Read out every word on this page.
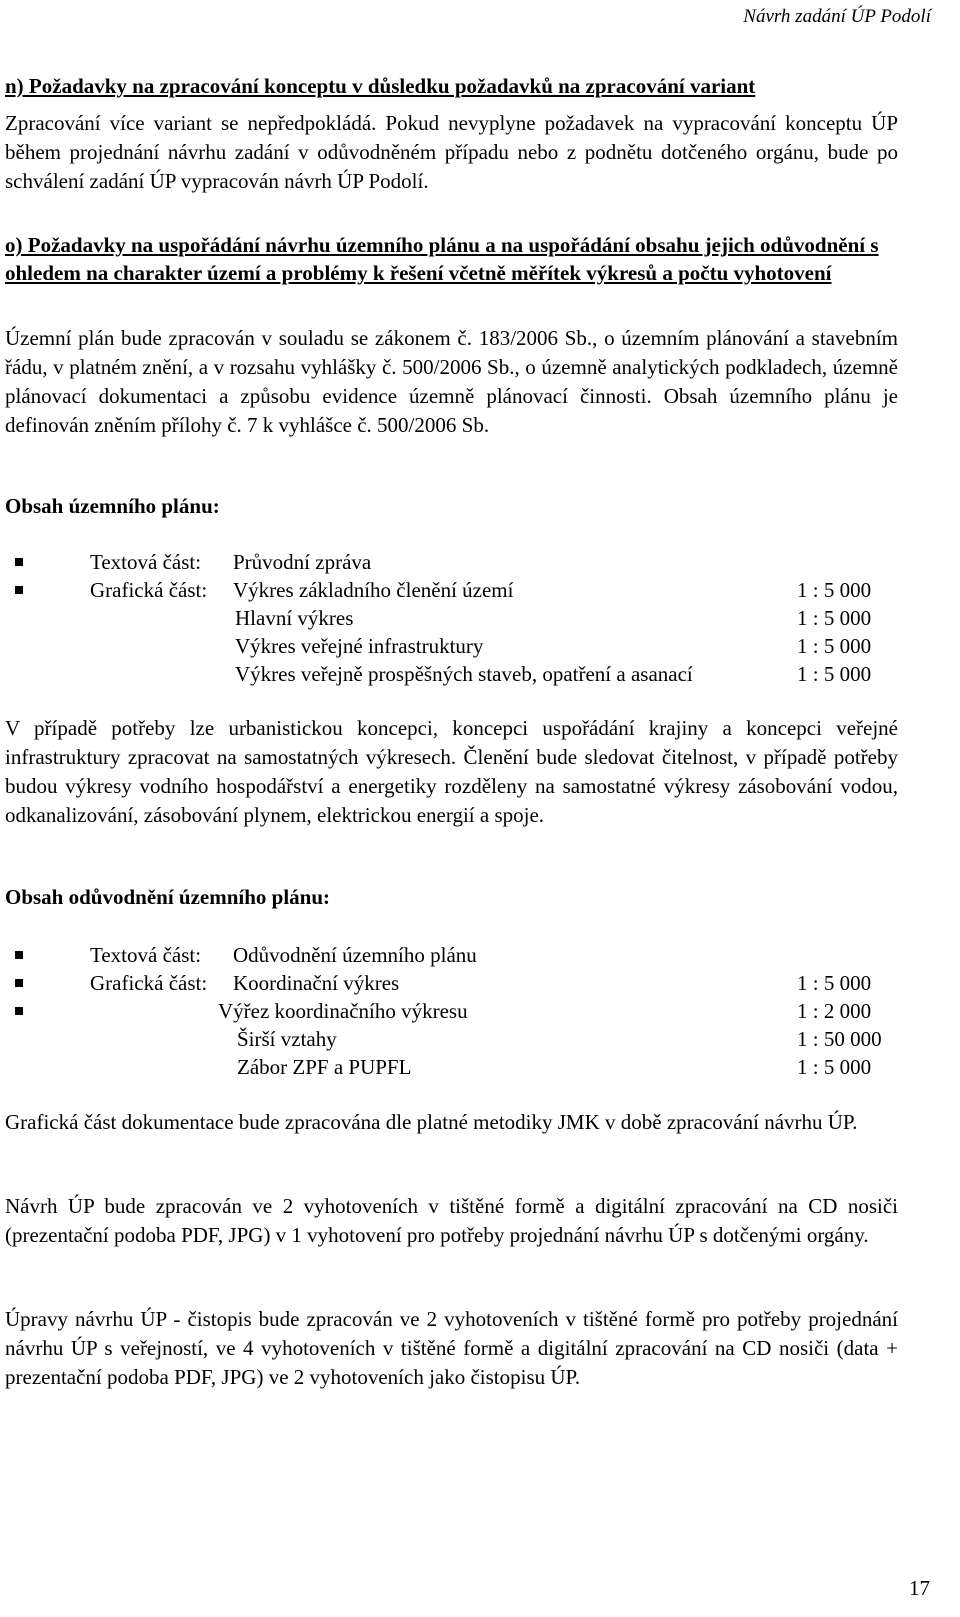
Návrh zadání ÚP Podolí
n) Požadavky na zpracování konceptu v důsledku požadavků na zpracování variant

Zpracování více variant se nepředpokládá. Pokud nevyplyne požadavek na vypracování konceptu ÚP během projednání návrhu zadání v odůvodněném případu nebo z podnětu dotčeného orgánu, bude po schválení zadání ÚP vypracován návrh ÚP Podolí.

o) Požadavky na uspořádání návrhu územního plánu a na uspořádání obsahu jejich odůvodnění s ohledem na charakter území a problémy k řešení včetně měřítek výkresů a počtu vyhotovení

Územní plán bude zpracován v souladu se zákonem č. 183/2006 Sb., o územním plánování a stavebním řádu, v platném znění, a v rozsahu vyhlášky č. 500/2006 Sb., o územně analytických podkladech, územně plánovací dokumentaci a způsobu evidence územně plánovací činnosti. Obsah územního plánu je definován zněním přílohy č. 7 k vyhlášce č. 500/2006 Sb.

Obsah územního plánu:
Textová část: Průvodní zpráva
Grafická část: Výkres základního členění území	1 : 5 000
Hlavní výkres	1 : 5 000
Výkres veřejné infrastruktury	1 : 5 000
Výkres veřejně prospěšných staveb, opatření a asanací	1 : 5 000

V případě potřeby lze urbanistickou koncepci, koncepci uspořádání krajiny a koncepci veřejné infrastruktury zpracovat na samostatných výkresech. Členění bude sledovat čitelnost, v případě potřeby budou výkresy vodního hospodářství a energetiky rozděleny na samostatné výkresy zásobování vodou, odkanalizování, zásobování plynem, elektrickou energií a spoje.

Obsah odůvodnění územního plánu:
Textová část: Odůvodnění územního plánu
Grafická část: Koordinační výkres	1 : 5 000
Výřez koordinačního výkresu	1 : 2 000
Širší vztahy	1 : 50 000
Zábor ZPF a PUPFL	1 : 5 000

Grafická část dokumentace bude zpracována dle platné metodiky JMK v době zpracování návrhu ÚP.

Návrh ÚP bude zpracován ve 2 vyhotoveních v tištěné formě a digitální zpracování na CD nosiči (prezentační podoba PDF, JPG) v 1 vyhotovení pro potřeby projednání návrhu ÚP s dotčenými orgány.

Úpravy návrhu ÚP - čistopis bude zpracován ve 2 vyhotoveních v tištěné formě pro potřeby projednání návrhu ÚP s veřejností, ve 4 vyhotoveních v tištěné formě a digitální zpracování na CD nosiči (data + prezentační podoba PDF, JPG) ve 2 vyhotoveních jako čistopisu ÚP.

17
